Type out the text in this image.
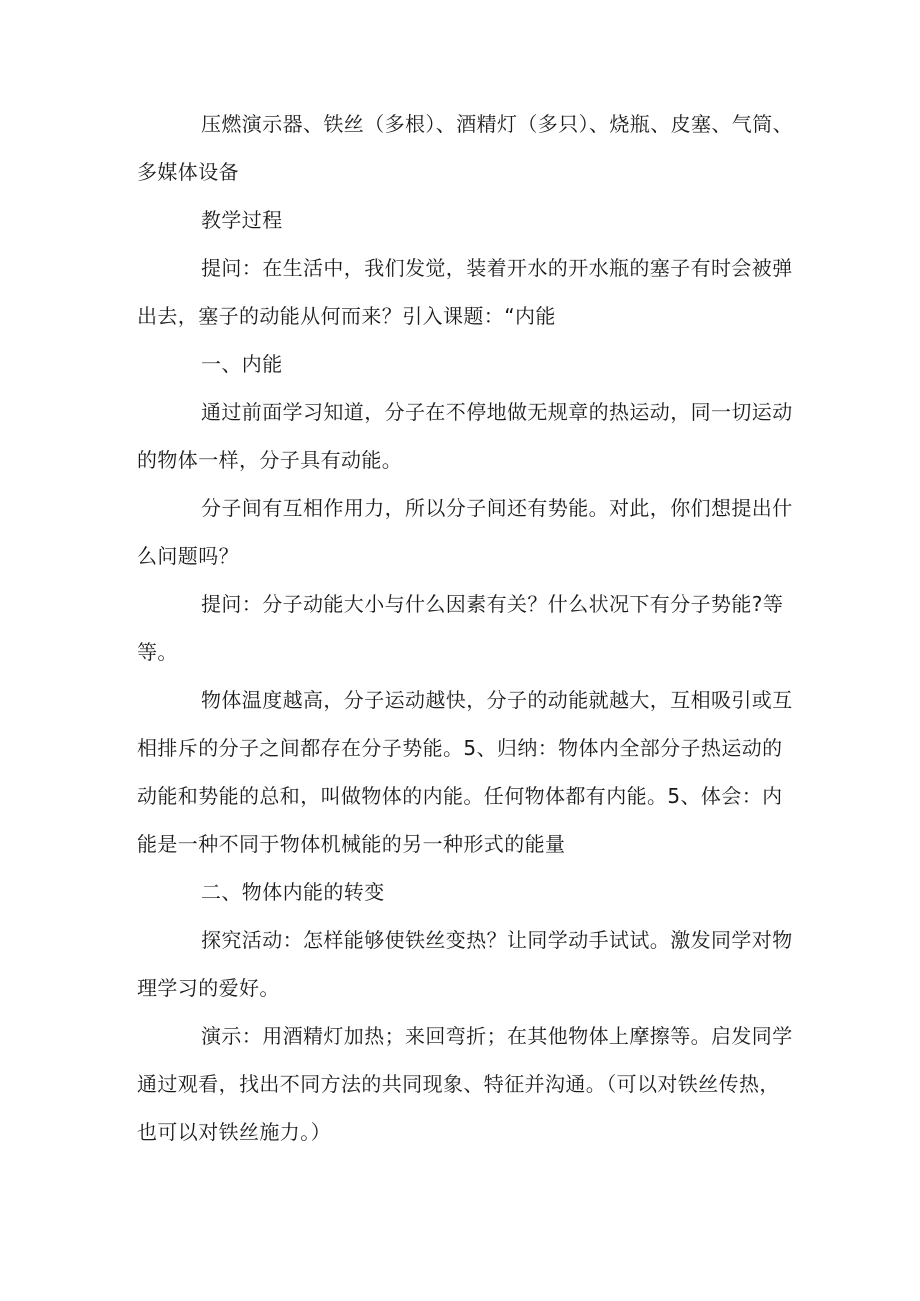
压燃演示器、铁丝（多根）、酒精灯（多只）、烧瓶、皮塞、气筒、多媒体设备

教学过程

提问：在生活中，我们发觉，装着开水的开水瓶的塞子有时会被弹出去，塞子的动能从何而来？引入课题：“内能

一、内能

通过前面学习知道，分子在不停地做无规章的热运动，同一切运动的物体一样，分子具有动能。

分子间有互相作用力，所以分子间还有势能。对此，你们想提出什么问题吗？

提问：分子动能大小与什么因素有关？什么状况下有分子势能?等等。

物体温度越高，分子运动越快，分子的动能就越大，互相吸引或互相排斥的分子之间都存在分子势能。5、归纳：物体内全部分子热运动的动能和势能的总和，叫做物体的内能。任何物体都有内能。5、体会：内能是一种不同于物体机械能的另一种形式的能量

二、物体内能的转变

探究活动：怎样能够使铁丝变热？让同学动手试试。激发同学对物理学习的爱好。

演示：用酒精灯加热；来回弯折；在其他物体上摩擦等。启发同学通过观看，找出不同方法的共同现象、特征并沟通。（可以对铁丝传热，也可以对铁丝施力。）
